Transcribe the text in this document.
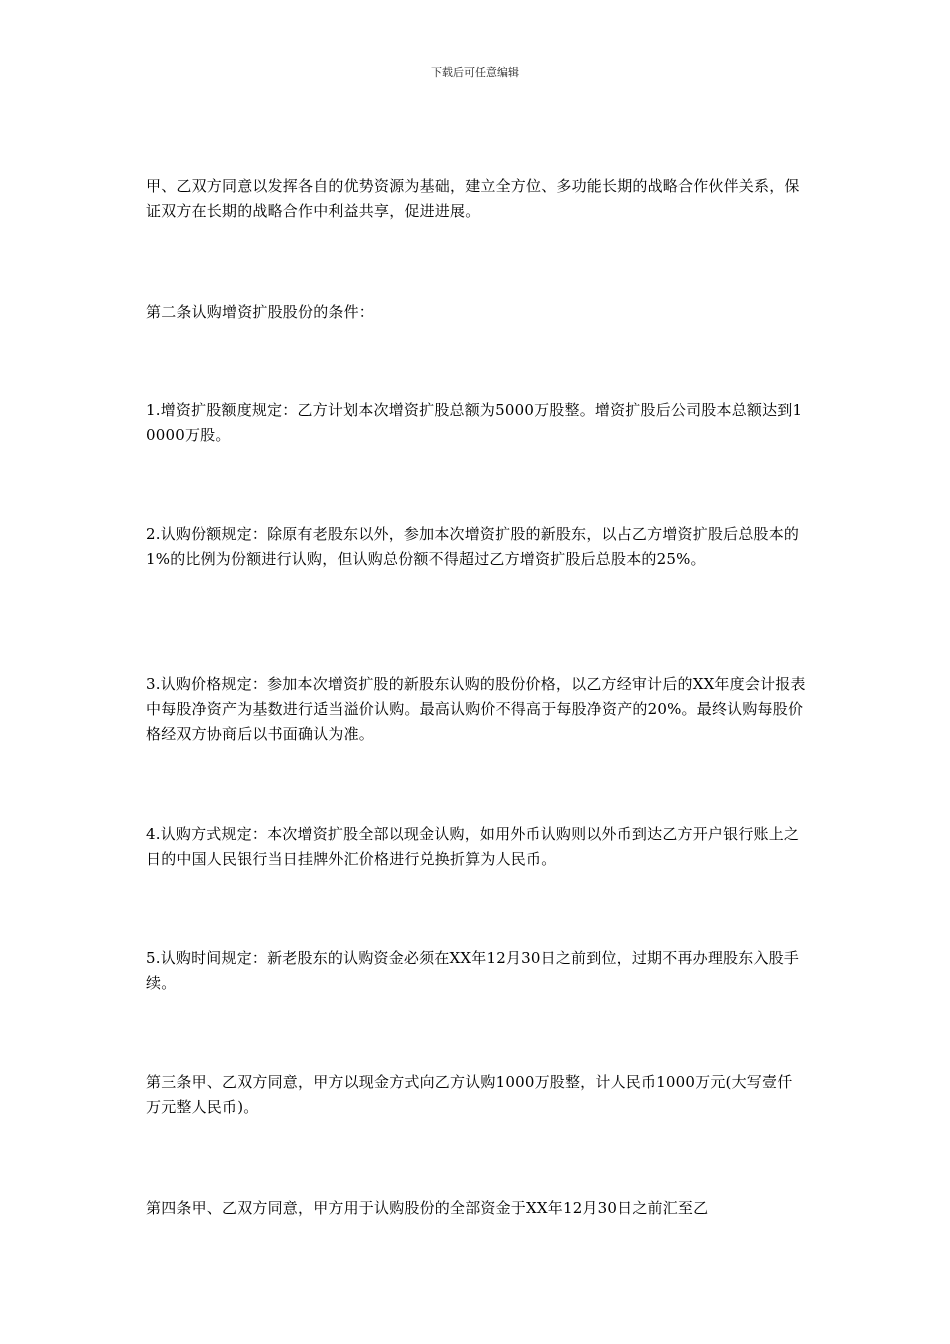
下载后可任意编辑

甲、乙双方同意以发挥各自的优势资源为基础，建立全方位、多功能长期的战略合作伙伴关系，保证双方在长期的战略合作中利益共享，促进进展。

第二条认购增资扩股股份的条件：

1.增资扩股额度规定：乙方计划本次增资扩股总额为5000万股整。增资扩股后公司股本总额达到10000万股。

2.认购份额规定：除原有老股东以外，参加本次增资扩股的新股东，以占乙方增资扩股后总股本的1%的比例为份额进行认购，但认购总份额不得超过乙方增资扩股后总股本的25%。

3.认购价格规定：参加本次增资扩股的新股东认购的股份价格，以乙方经审计后的XX年度会计报表中每股净资产为基数进行适当溢价认购。最高认购价不得高于每股净资产的20%。最终认购每股价格经双方协商后以书面确认为准。

4.认购方式规定：本次增资扩股全部以现金认购，如用外币认购则以外币到达乙方开户银行账上之日的中国人民银行当日挂牌外汇价格进行兑换折算为人民币。

5.认购时间规定：新老股东的认购资金必须在XX年12月30日之前到位，过期不再办理股东入股手续。

第三条甲、乙双方同意，甲方以现金方式向乙方认购1000万股整，计人民币1000万元(大写壹仟万元整人民币)。

第四条甲、乙双方同意，甲方用于认购股份的全部资金于XX年12月30日之前汇至乙
